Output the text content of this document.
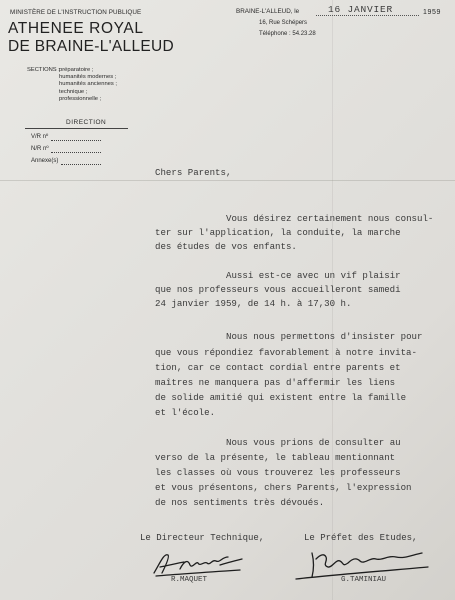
MINISTÈRE DE L'INSTRUCTION PUBLIQUE
ATHENEE ROYAL
DE BRAINE-L'ALLEUD
SECTIONS : préparatoire ;
humanités modernes ;
humanités anciennes ;
technique ;
professionnelle ;
DIRECTION
V/R nº
N/R nº
Annexe(s)
BRAINE-L'ALLEUD, le	16 JANVIER	1959
16, Rue Schépers
Téléphone : 54.23.28
Chers Parents,
Vous désirez certainement nous consul-
ter sur l'application, la conduite, la marche
des études de vos enfants.
Aussi est-ce avec un vif plaisir
que nos professeurs vous accueilleront samedi
24 janvier 1959, de 14 h. à 17,30 h.
Nous nous permettons d'insister pour
que vous répondiez favorablement à notre invita-
tion, car ce contact cordial entre parents et
maîtres ne manquera pas d'affermir les liens
de solide amitié qui existent entre la famille
et l'école.
Nous vous prions de consulter au
verso de la présente, le tableau mentionnant
les classes où vous trouverez les professeurs
et vous présentons, chers Parents, l'expression
de nos sentiments très dévoués.
Le Directeur Technique,	Le Préfet des Etudes,
R.MAQUET	G.TAMINIAU
